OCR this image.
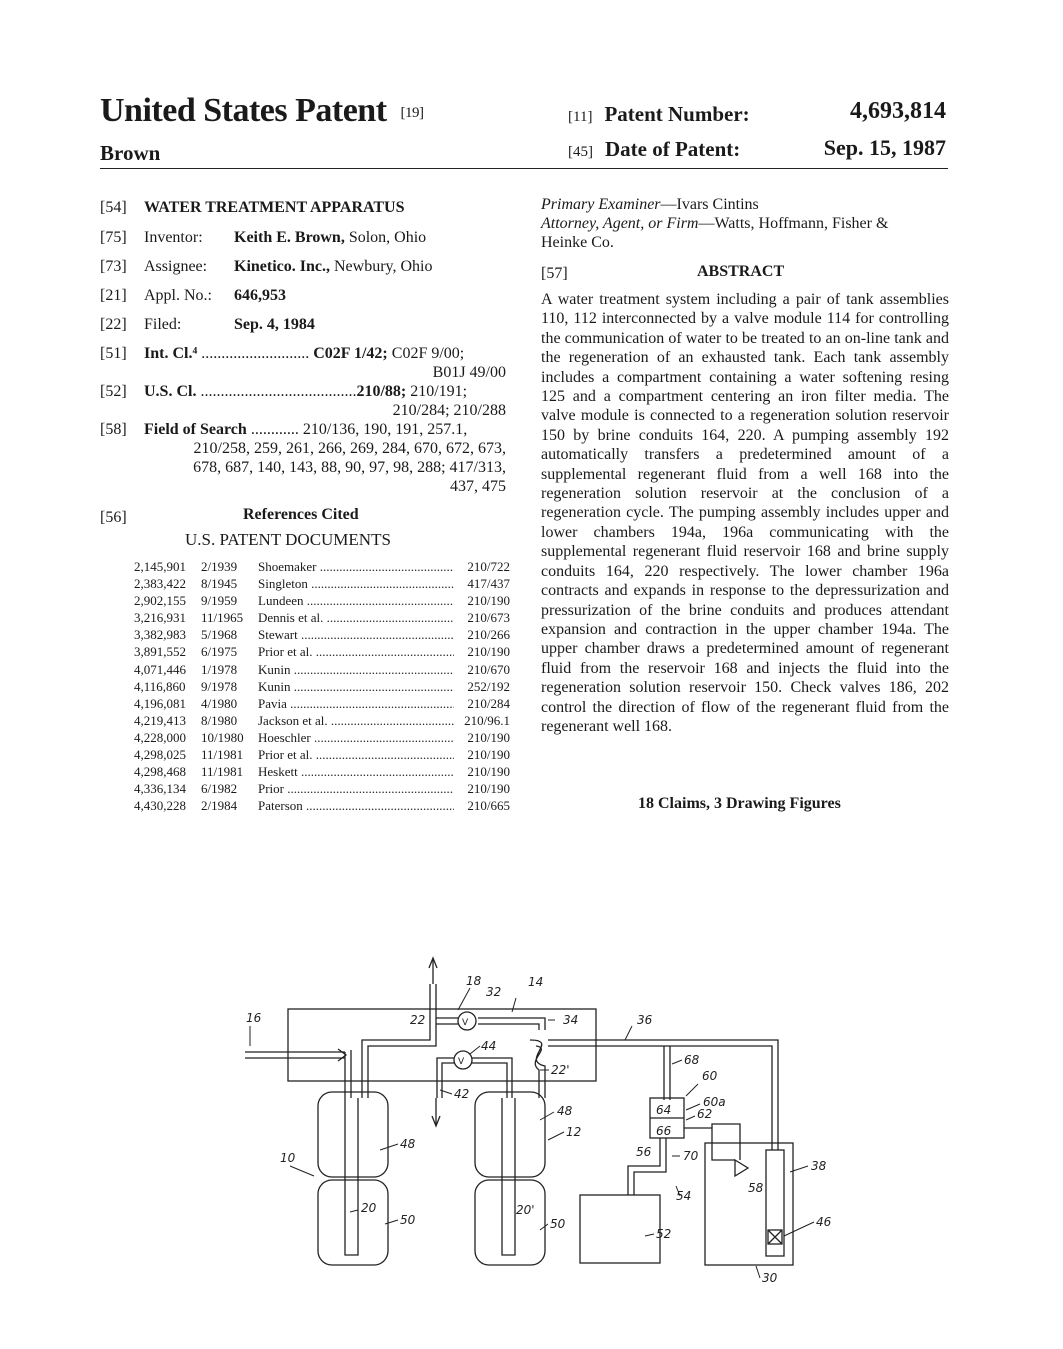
United States Patent [19]
Brown
[11] Patent Number:	4,693,814
[45] Date of Patent:	Sep. 15, 1987
[54] WATER TREATMENT APPARATUS
[75] Inventor: Keith E. Brown, Solon, Ohio
[73] Assignee: Kinetico. Inc., Newbury, Ohio
[21] Appl. No.: 646,953
[22] Filed:	Sep. 4, 1984
[51] Int. Cl.⁴ ........................... C02F 1/42; C02F 9/00;
B01J 49/00
[52] U.S. Cl. .......................................210/88; 210/191;
210/284; 210/288
[58] Field of Search ............ 210/136, 190, 191, 257.1,
210/258, 259, 261, 266, 269, 284, 670, 672, 673,
678, 687, 140, 143, 88, 90, 97, 98, 288; 417/313,
437, 475
[56]	References Cited
U.S. PATENT DOCUMENTS
2,145,901	2/1939	Shoemaker .....	210/722
2,383,422	8/1945	Singleton .....	417/437
2,902,155	9/1959	Lundeen .....	210/190
3,216,931	11/1965	Dennis et al. .....	210/673
3,382,983	5/1968	Stewart .....	210/266
3,891,552	6/1975	Prior et al. .....	210/190
4,071,446	1/1978	Kunin .....	210/670
4,116,860	9/1978	Kunin .....	252/192
4,196,081	4/1980	Pavia .....	210/284
4,219,413	8/1980	Jackson et al. .....	210/96.1
4,228,000	10/1980	Hoeschler .....	210/190
4,298,025	11/1981	Prior et al. .....	210/190
4,298,468	11/1981	Heskett .....	210/190
4,336,134	6/1982	Prior .....	210/190
4,430,228	2/1984	Paterson .....	210/665
Primary Examiner—Ivars Cintins
Attorney, Agent, or Firm—Watts, Hoffmann, Fisher &
Heinke Co.
[57]	ABSTRACT
A water treatment system including a pair of tank assemblies 110, 112 interconnected by a valve module 114 for controlling the communication of water to be treated to an on-line tank and the regeneration of an exhausted tank. Each tank assembly includes a compartment containing a water softening resing 125 and a compartment centering an iron filter media. The valve module is connected to a regeneration solution reservoir 150 by brine conduits 164, 220. A pumping assembly 192 automatically transfers a predetermined amount of a supplemental regenerant fluid from a well 168 into the regeneration solution reservoir at the conclusion of a regeneration cycle. The pumping assembly includes upper and lower chambers 194a, 196a communicating with the supplemental regenerant fluid reservoir 168 and brine supply conduits 164, 220 respectively. The lower chamber 196a contracts and expands in response to the depressurization and pressurization of the brine conduits and produces attendant expansion and contraction in the upper chamber 194a. The upper chamber draws a predetermined amount of regenerant fluid from the reservoir 168 and injects the fluid into the regeneration solution reservoir 150. Check valves 186, 202 control the direction of flow of the regenerant fluid from the regenerant well 168.
18 Claims, 3 Drawing Figures
16
18
32
14
22	34	36
44
22'
42
48
48
12
68
60
60a
64 62
66
56	70
54
58
38
10
20
50
20'
50
52
46
30
V
V
